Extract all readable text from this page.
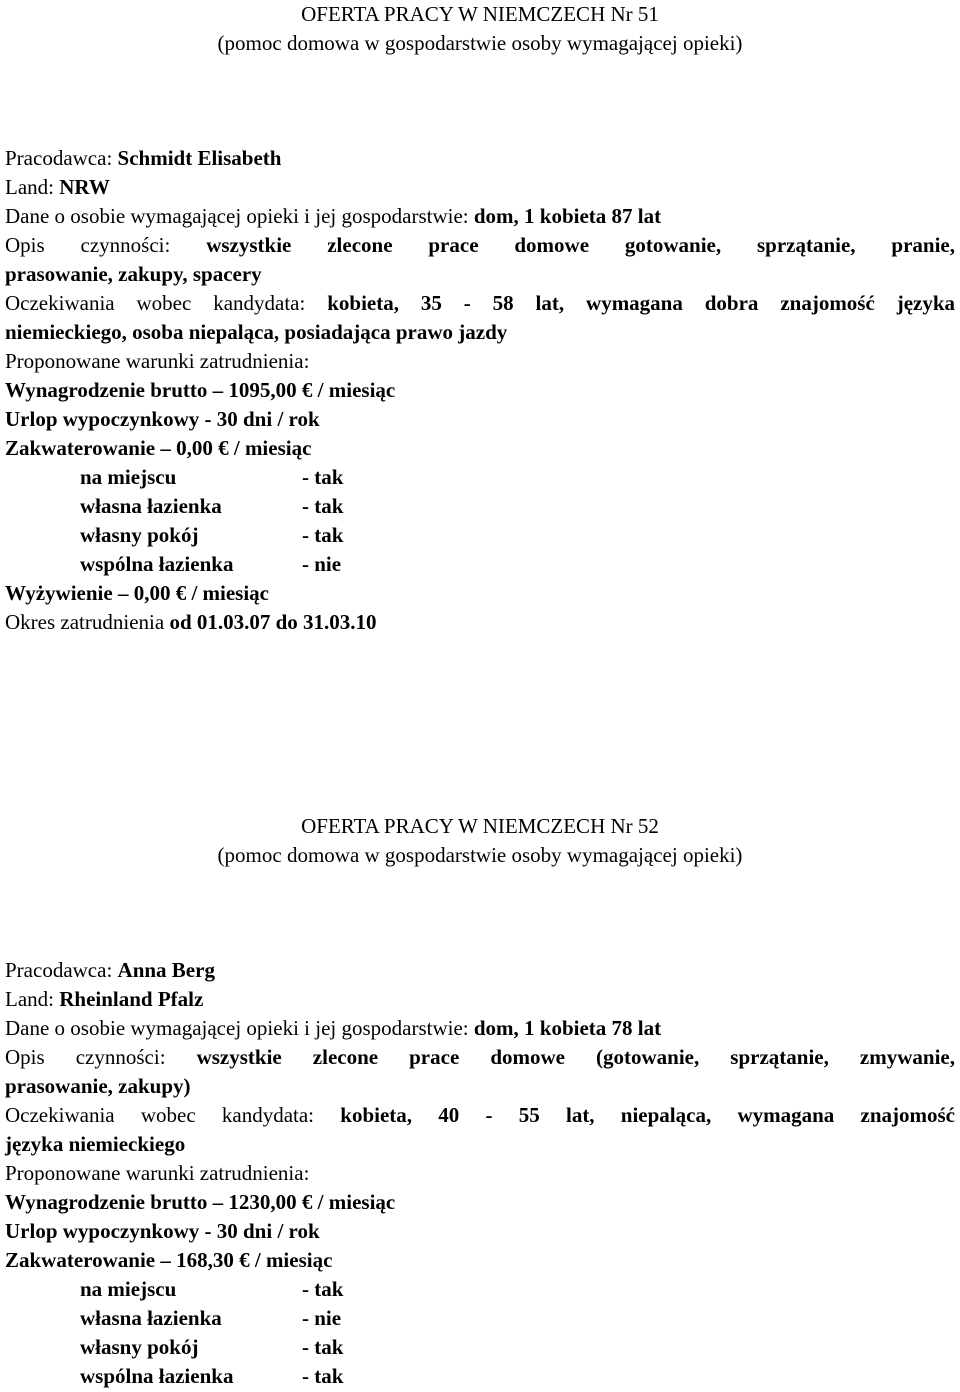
OFERTA PRACY W NIEMCZECH Nr 51
(pomoc domowa w gospodarstwie osoby wymagającej opieki)
Pracodawca: Schmidt Elisabeth
Land: NRW
Dane o osobie wymagającej opieki i jej gospodarstwie: dom, 1 kobieta 87 lat
Opis czynności: wszystkie zlecone prace domowe gotowanie, sprzątanie, pranie,
prasowanie, zakupy, spacery
Oczekiwania wobec kandydata: kobieta, 35 - 58 lat, wymagana dobra znajomość języka
niemieckiego, osoba niepaląca, posiadająca prawo jazdy
Proponowane warunki zatrudnienia:
Wynagrodzenie brutto – 1095,00 € / miesiąc
Urlop wypoczynkowy - 30 dni / rok
Zakwaterowanie – 0,00 € / miesiąc
na miejscu	- tak
własna łazienka	- tak
własny pokój	- tak
wspólna łazienka	- nie
Wyżywienie – 0,00 € / miesiąc
Okres zatrudnienia od 01.03.07 do 31.03.10
OFERTA PRACY W NIEMCZECH Nr 52
(pomoc domowa w gospodarstwie osoby wymagającej opieki)
Pracodawca: Anna Berg
Land: Rheinland Pfalz
Dane o osobie wymagającej opieki i jej gospodarstwie: dom, 1 kobieta 78 lat
Opis czynności: wszystkie zlecone prace domowe (gotowanie, sprzątanie, zmywanie,
prasowanie, zakupy)
Oczekiwania wobec kandydata: kobieta, 40 - 55 lat, niepaląca, wymagana znajomość
języka niemieckiego
Proponowane warunki zatrudnienia:
Wynagrodzenie brutto – 1230,00 € / miesiąc
Urlop wypoczynkowy - 30 dni / rok
Zakwaterowanie – 168,30 € / miesiąc
na miejscu	- tak
własna łazienka	- nie
własny pokój	- tak
wspólna łazienka	- tak
